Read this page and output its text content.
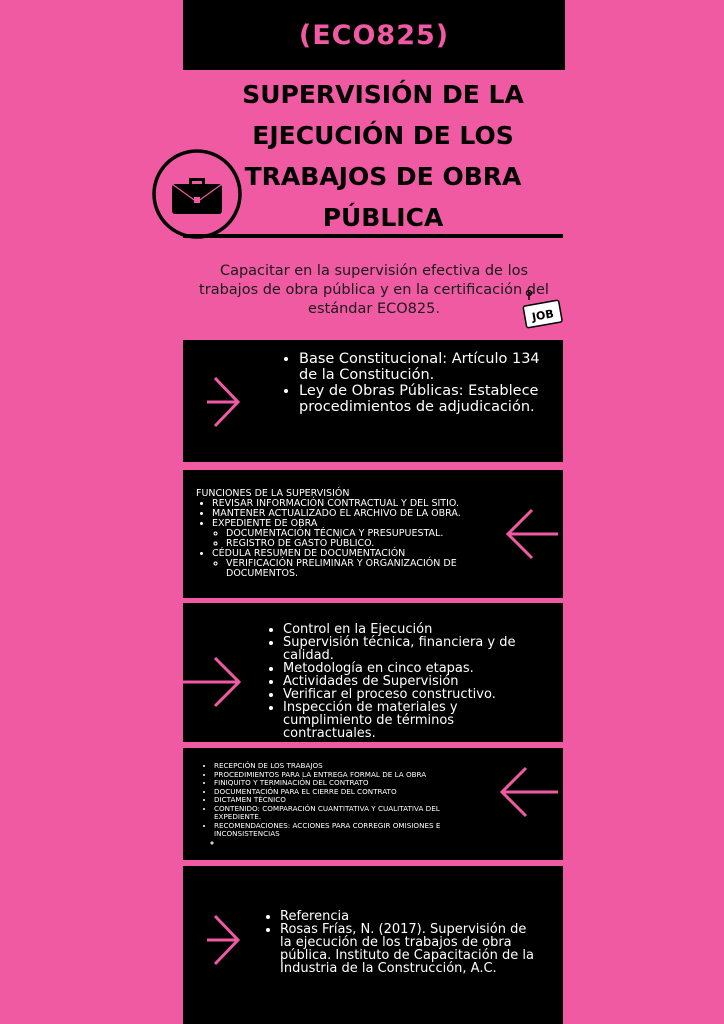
(ECO825)
SUPERVISIÓN DE LA
EJECUCIÓN DE LOS
TRABAJOS DE OBRA
PÚBLICA
Capacitar en la supervisión efectiva de los trabajos de obra pública y en la certificación del estándar ECO825.	JOB
• Base Constitucional: Artículo 134 de la Constitución.
• Ley de Obras Públicas: Establece procedimientos de adjudicación.
FUNCIONES DE LA SUPERVISIÓN
• REVISAR INFORMACIÓN CONTRACTUAL Y DEL SITIO.
• MANTENER ACTUALIZADO EL ARCHIVO DE LA OBRA.
• EXPEDIENTE DE OBRA
◦ DOCUMENTACIÓN TÉCNICA Y PRESUPUESTAL.
◦ REGISTRO DE GASTO PÚBLICO.
• CÉDULA RESUMEN DE DOCUMENTACIÓN
◦ VERIFICACIÓN PRELIMINAR Y ORGANIZACIÓN DE DOCUMENTOS.
• Control en la Ejecución
• Supervisión técnica, financiera y de calidad.
• Metodología en cinco etapas.
• Actividades de Supervisión
• Verificar el proceso constructivo.
• Inspección de materiales y cumplimiento de términos contractuales.
• RECEPCIÓN DE LOS TRABAJOS
• PROCEDIMIENTOS PARA LA ENTREGA FORMAL DE LA OBRA
• FINIQUITO Y TERMINACIÓN DEL CONTRATO
• DOCUMENTACIÓN PARA EL CIERRE DEL CONTRATO
• DICTAMEN TÉCNICO
• CONTENIDO: COMPARACIÓN CUANTITATIVA Y CUALITATIVA DEL EXPEDIENTE.
• RECOMENDACIONES: ACCIONES PARA CORREGIR OMISIONES E INCONSISTENCIAS
◦
• Referencia
• Rosas Frías, N. (2017). Supervisión de la ejecución de los trabajos de obra pública. Instituto de Capacitación de la Industria de la Construcción, A.C.
